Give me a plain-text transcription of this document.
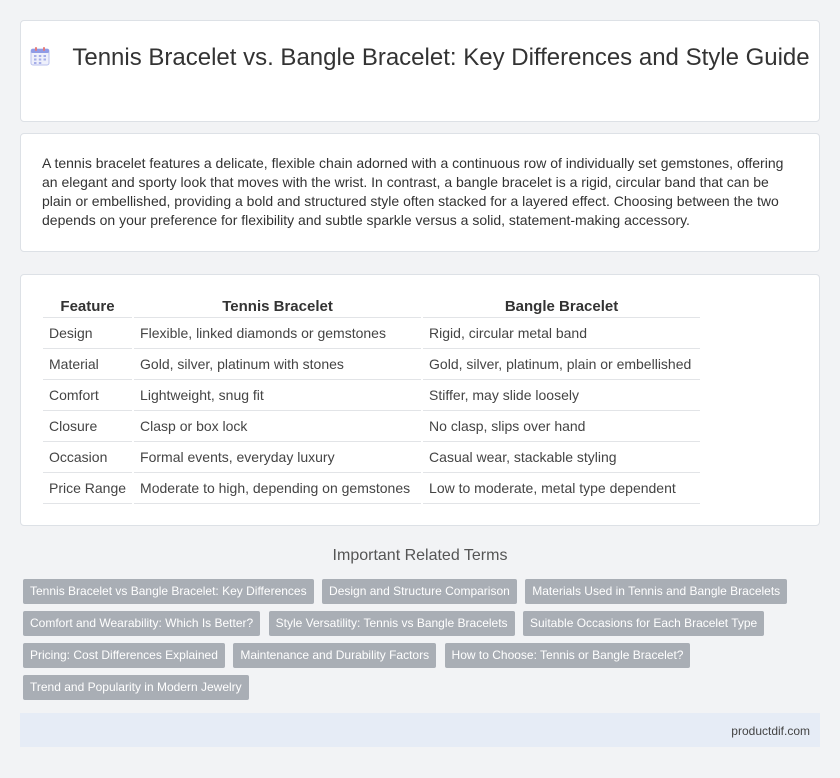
Tennis Bracelet vs. Bangle Bracelet: Key Differences and Style Guide

A tennis bracelet features a delicate, flexible chain adorned with a continuous row of individually set gemstones, offering an elegant and sporty look that moves with the wrist. In contrast, a bangle bracelet is a rigid, circular band that can be plain or embellished, providing a bold and structured style often stacked for a layered effect. Choosing between the two depends on your preference for flexibility and subtle sparkle versus a solid, statement-making accessory.

Feature	Tennis Bracelet	Bangle Bracelet
Design	Flexible, linked diamonds or gemstones	Rigid, circular metal band
Material	Gold, silver, platinum with stones	Gold, silver, platinum, plain or embellished
Comfort	Lightweight, snug fit	Stiffer, may slide loosely
Closure	Clasp or box lock	No clasp, slips over hand
Occasion	Formal events, everyday luxury	Casual wear, stackable styling
Price Range	Moderate to high, depending on gemstones	Low to moderate, metal type dependent
Important Related Terms
Tennis Bracelet vs Bangle Bracelet: Key Differences Design and Structure Comparison Materials Used in Tennis and Bangle Bracelets Comfort and Wearability: Which Is Better? Style Versatility: Tennis vs Bangle Bracelets Suitable Occasions for Each Bracelet Type Pricing: Cost Differences Explained Maintenance and Durability Factors How to Choose: Tennis or Bangle Bracelet? Trend and Popularity in Modern Jewelry
productdif.com
